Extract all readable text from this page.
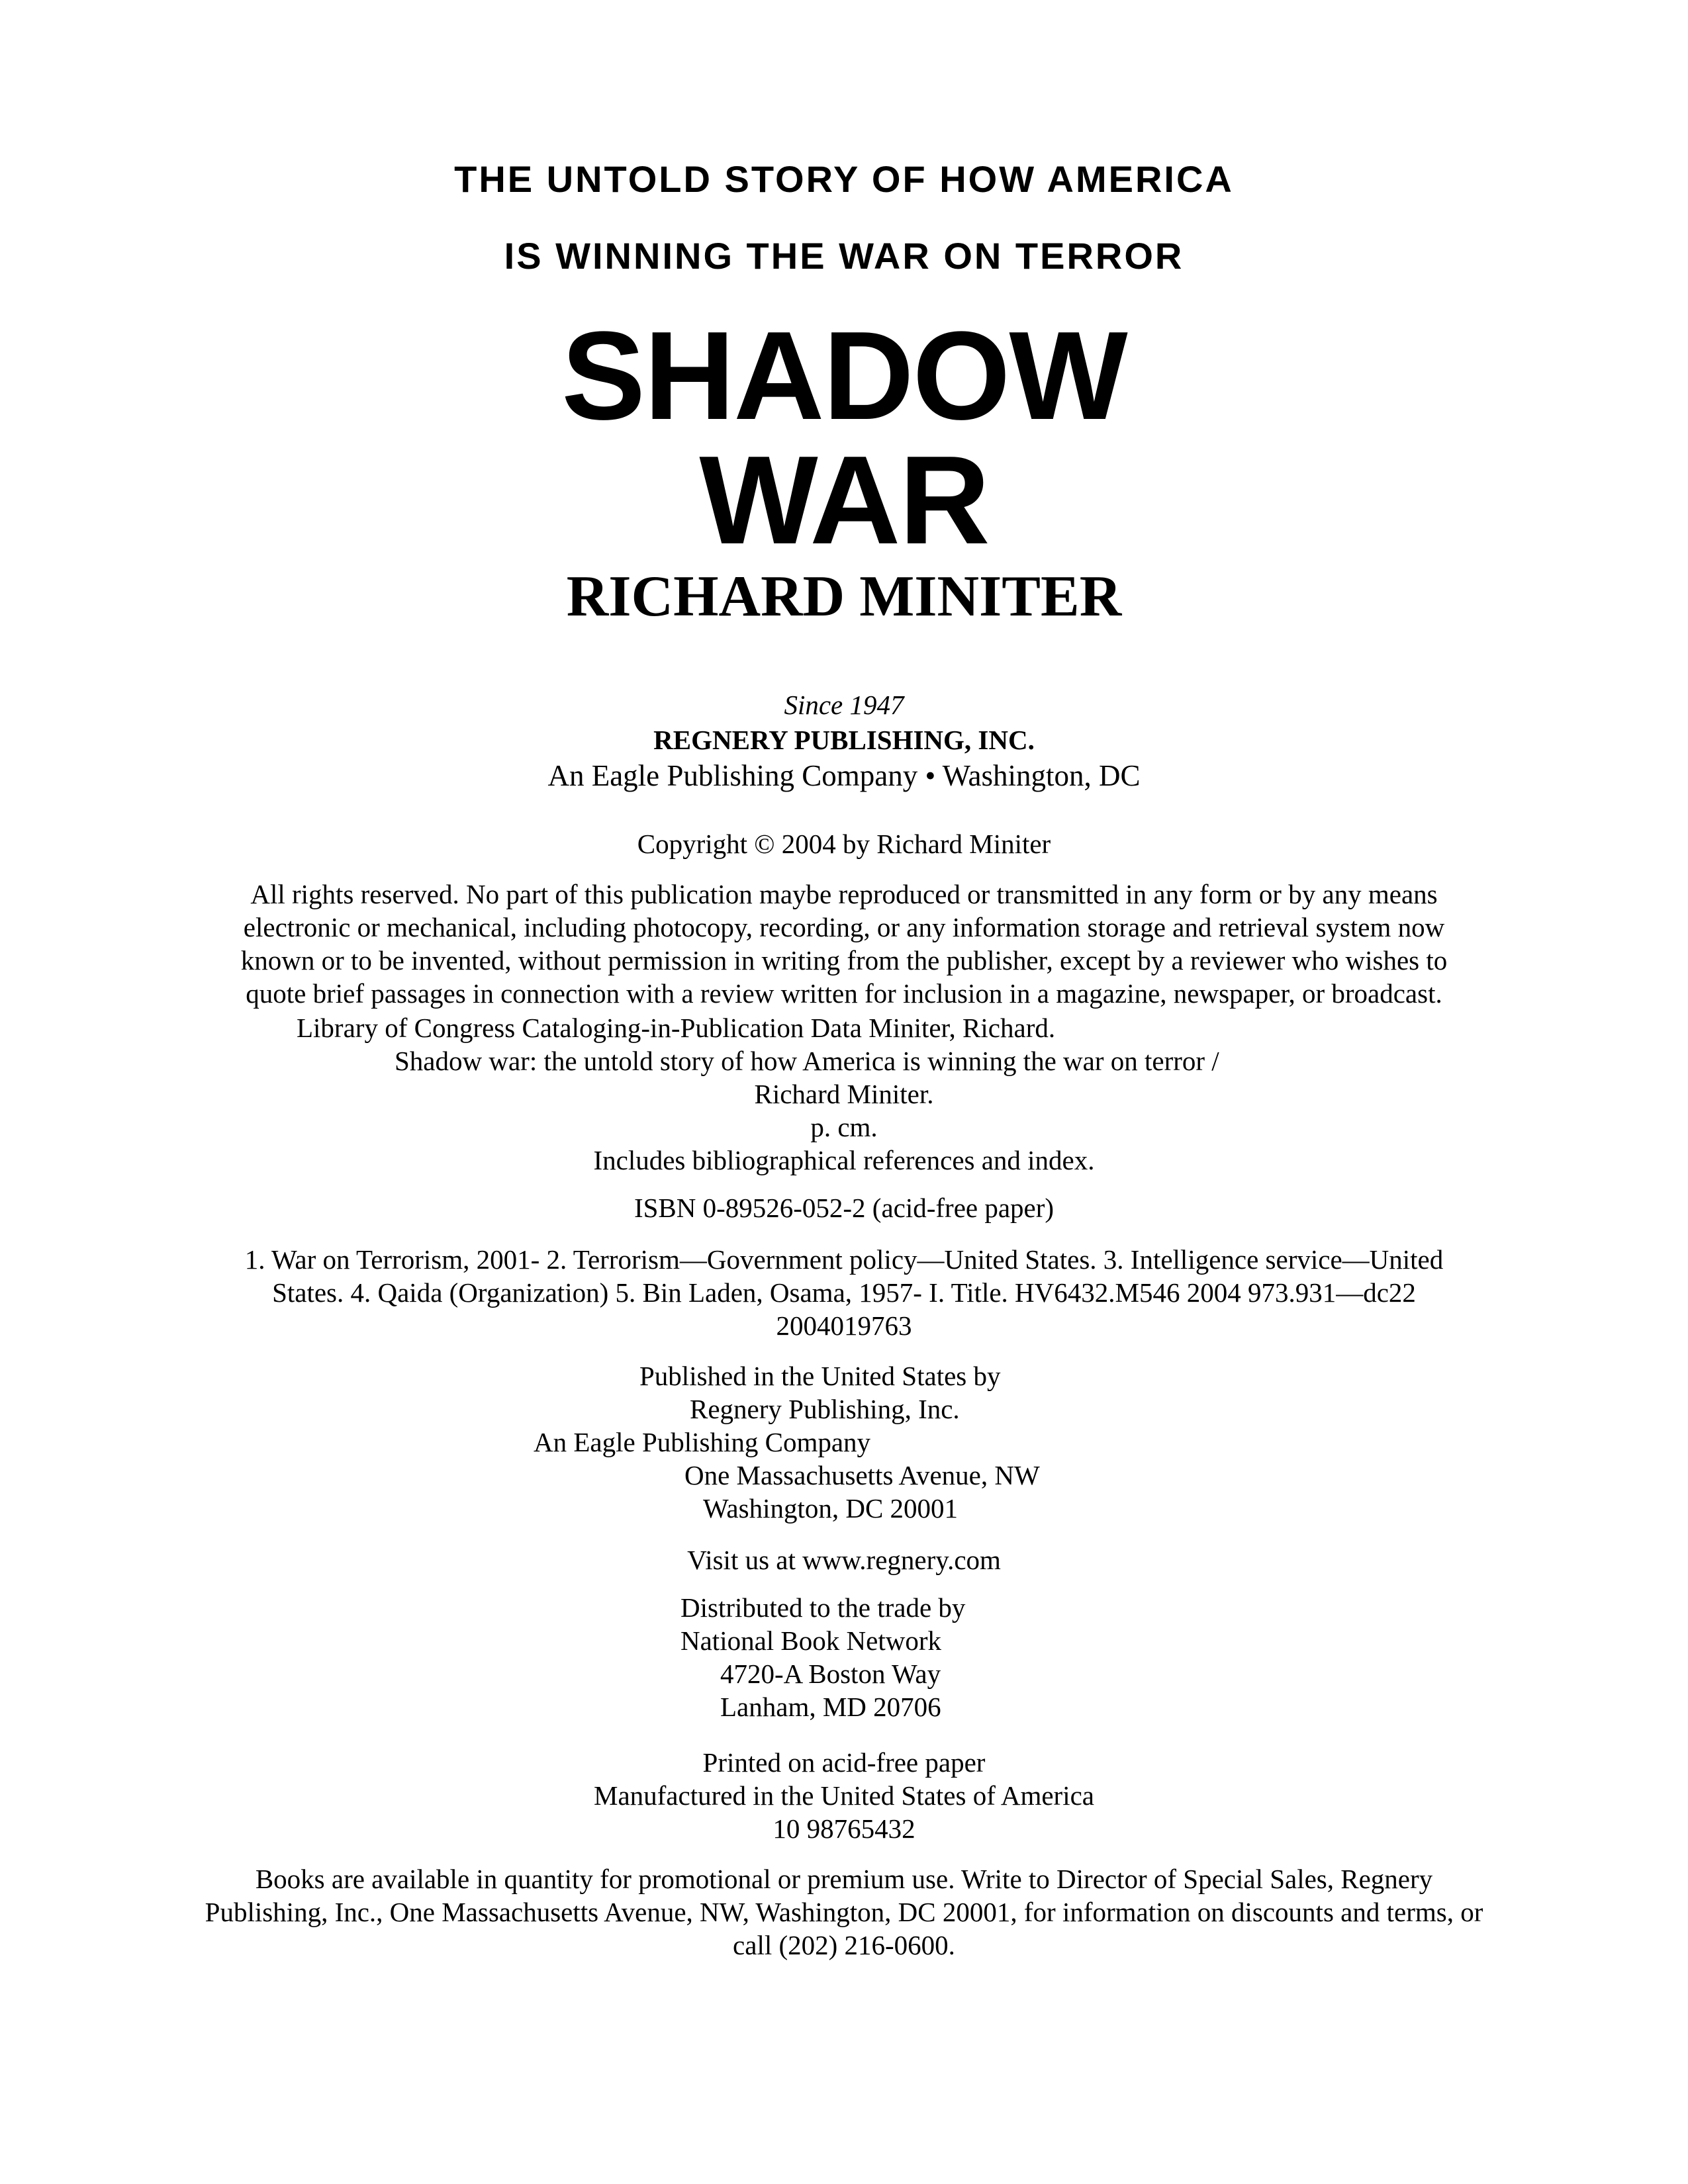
THE UNTOLD STORY OF HOW AMERICA

IS WINNING THE WAR ON TERROR

SHADOW

WAR

RICHARD MINITER

Since 1947

REGNERY PUBLISHING, INC.

An Eagle Publishing Company • Washington, DC

Copyright © 2004 by Richard Miniter

All rights reserved. No part of this publication maybe reproduced or transmitted in any form or by any means

electronic or mechanical, including photocopy, recording, or any information storage and retrieval system now

known or to be invented, without permission in writing from the publisher, except by a reviewer who wishes to

quote brief passages in connection with a review written for inclusion in a magazine, newspaper, or broadcast.

Library of Congress Cataloging-in-Publication Data Miniter, Richard.

Shadow war: the untold story of how America is winning the war on terror /

Richard Miniter.

p. cm.

Includes bibliographical references and index.

ISBN 0-89526-052-2 (acid-free paper)

1. War on Terrorism, 2001- 2. Terrorism—Government policy—United States. 3. Intelligence service—United

States. 4. Qaida (Organization) 5. Bin Laden, Osama, 1957- I. Title. HV6432.M546 2004 973.931—dc22

2004019763

Published in the United States by

Regnery Publishing, Inc.

An Eagle Publishing Company

One Massachusetts Avenue, NW

Washington, DC 20001

Visit us at www.regnery.com

Distributed to the trade by

National Book Network

4720-A Boston Way

Lanham, MD 20706

Printed on acid-free paper

Manufactured in the United States of America

10 98765432

Books are available in quantity for promotional or premium use. Write to Director of Special Sales, Regnery

Publishing, Inc., One Massachusetts Avenue, NW, Washington, DC 20001, for information on discounts and terms, or

call (202) 216-0600.
